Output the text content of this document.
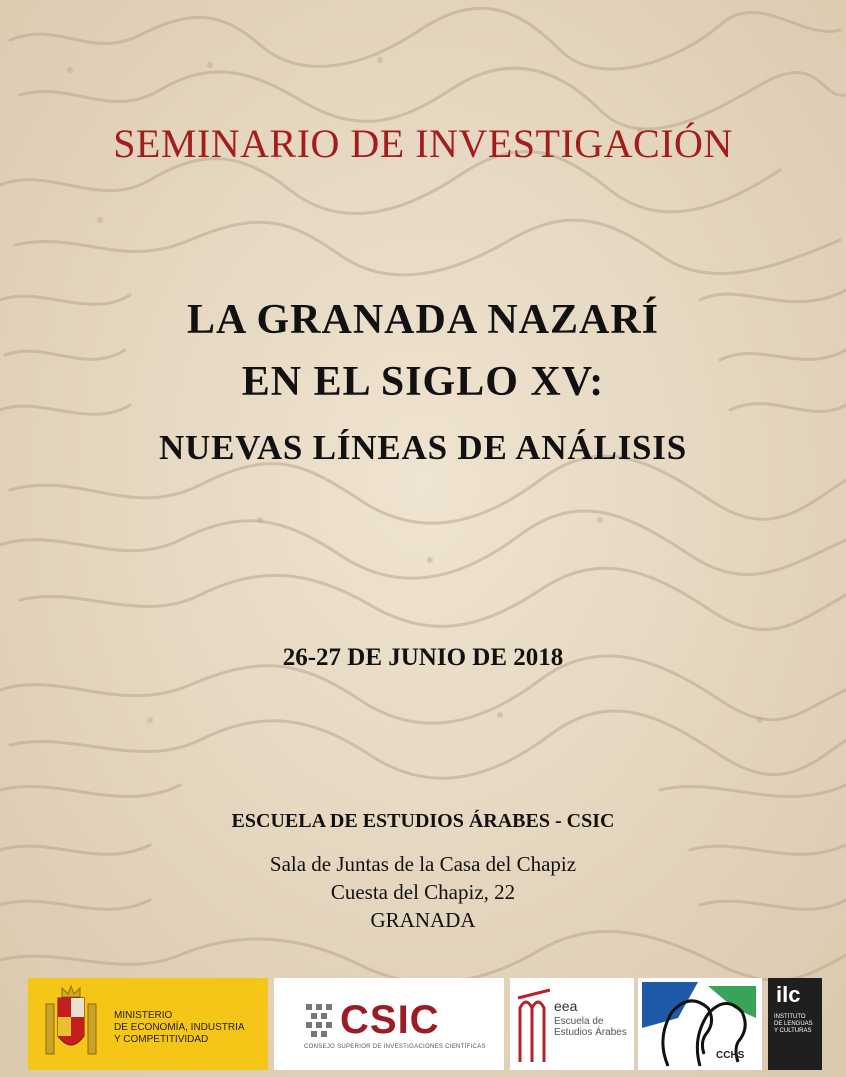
SEMINARIO DE INVESTIGACIÓN
LA GRANADA NAZARÍ
EN EL SIGLO XV:
NUEVAS LÍNEAS DE ANÁLISIS
26-27 DE JUNIO DE 2018
ESCUELA DE ESTUDIOS ÁRABES - CSIC
Sala de Juntas de la Casa del Chapiz
Cuesta del Chapiz, 22
GRANADA
MINISTERIO
DE ECONOMÍA, INDUSTRIA
Y COMPETITIVIDAD	CSIC
CONSEJO SUPERIOR DE INVESTIGACIONES CIENTÍFICAS
eea
Escuela de
Estudios Árabes
CCHS
ilc
INSTITUTO
DE LENGUAS
Y CULTURAS
